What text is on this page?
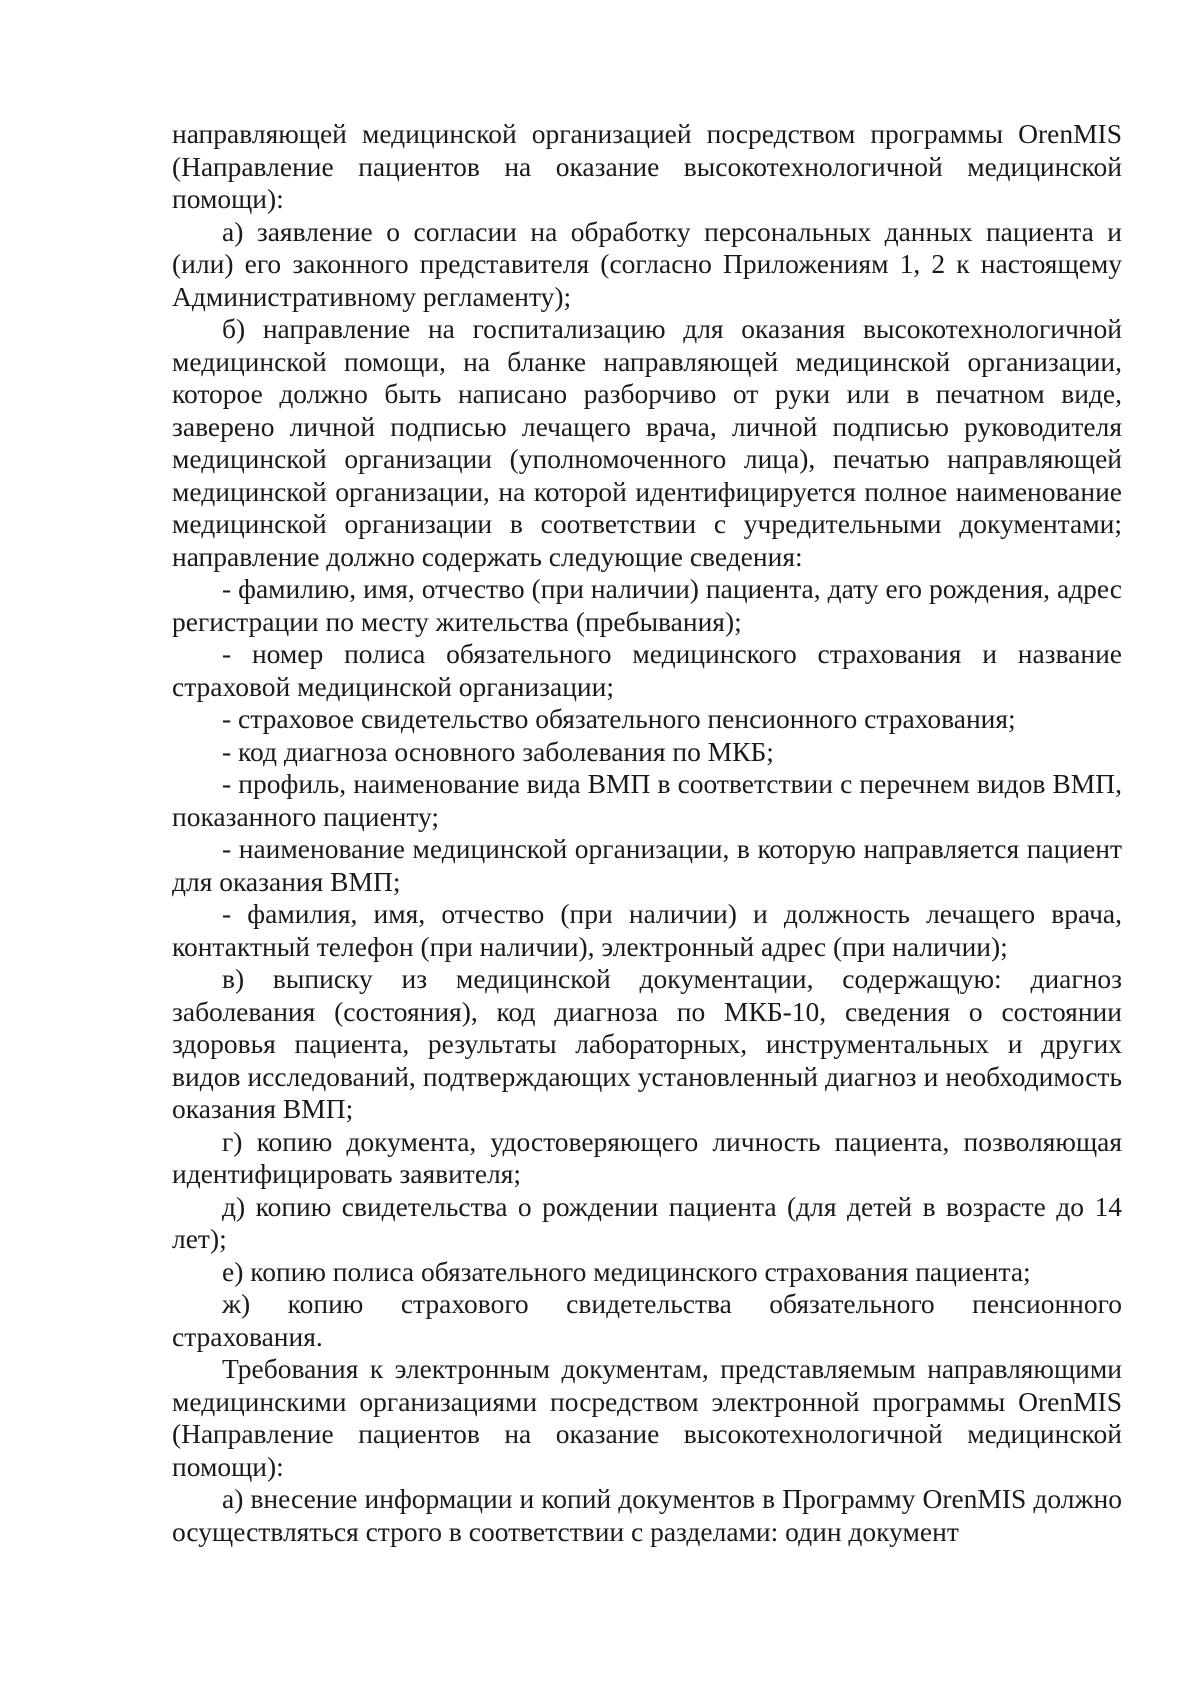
направляющей медицинской организацией посредством программы OrenMIS (Направление пациентов на оказание высокотехнологичной медицинской помощи):

а) заявление о согласии на обработку персональных данных пациента и (или) его законного представителя (согласно Приложениям 1, 2 к настоящему Административному регламенту);

б) направление на госпитализацию для оказания высокотехнологичной медицинской помощи, на бланке направляющей медицинской организации, которое должно быть написано разборчиво от руки или в печатном виде, заверено личной подписью лечащего врача, личной подписью руководителя медицинской организации (уполномоченного лица), печатью направляющей медицинской организации, на которой идентифицируется полное наименование медицинской организации в соответствии с учредительными документами; направление должно содержать следующие сведения:

- фамилию, имя, отчество (при наличии) пациента, дату его рождения, адрес регистрации по месту жительства (пребывания);

- номер полиса обязательного медицинского страхования и название страховой медицинской организации;

- страховое свидетельство обязательного пенсионного страхования;

- код диагноза основного заболевания по МКБ;

- профиль, наименование вида ВМП в соответствии с перечнем видов ВМП, показанного пациенту;

- наименование медицинской организации, в которую направляется пациент для оказания ВМП;

- фамилия, имя, отчество (при наличии) и должность лечащего врача, контактный телефон (при наличии), электронный адрес (при наличии);

в) выписку из медицинской документации, содержащую: диагноз заболевания (состояния), код диагноза по МКБ-10, сведения о состоянии здоровья пациента, результаты лабораторных, инструментальных и других видов исследований, подтверждающих установленный диагноз и необходимость оказания ВМП;

г) копию документа, удостоверяющего личность пациента, позволяющая идентифицировать заявителя;

д) копию свидетельства о рождении пациента (для детей в возрасте до 14 лет);

е) копию полиса обязательного медицинского страхования пациента;

ж) копию страхового свидетельства обязательного пенсионного страхования.

Требования к электронным документам, представляемым направляющими медицинскими организациями посредством электронной программы OrenMIS (Направление пациентов на оказание высокотехнологичной медицинской помощи):

а) внесение информации и копий документов в Программу OrenMIS должно осуществляться строго в соответствии с разделами: один документ
